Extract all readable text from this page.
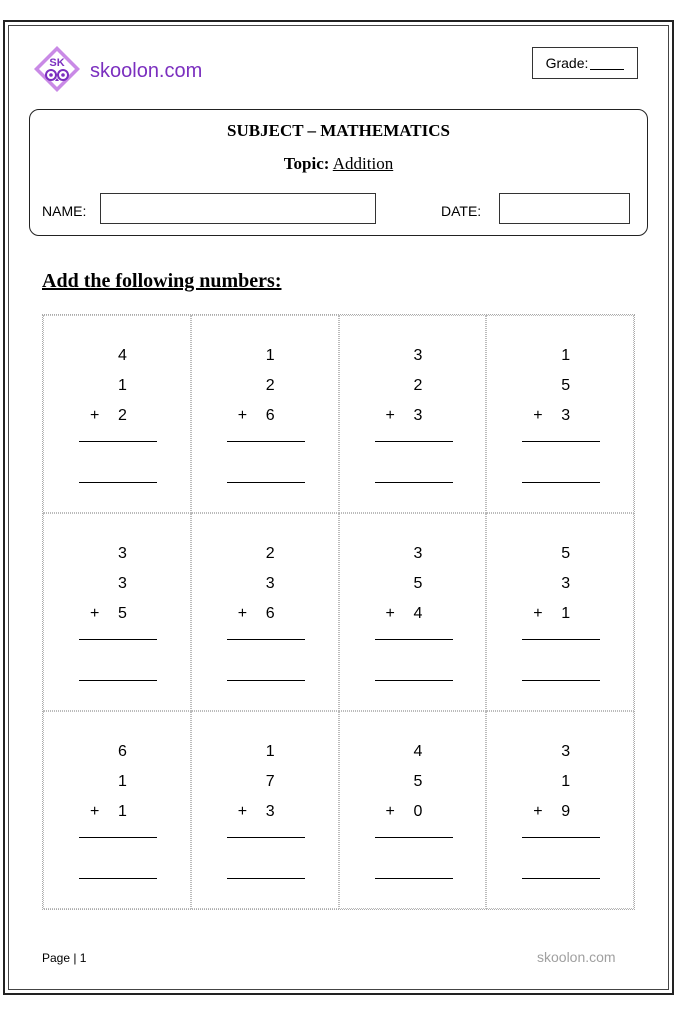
SK skoolon.com	Grade:
SUBJECT – MATHEMATICS
Topic: Addition
NAME:	DATE:
Add the following numbers:
4
1
+ 2
1
2
+ 6
3
2
+ 3
1
5
+ 3
3
3
+ 5
2
3
+ 6
3
5
+ 4
5
3
+ 1
6
1
+ 1
1
7
+ 3
4
5
+ 0
3
1
+ 9
Page | 1	skoolon.com
